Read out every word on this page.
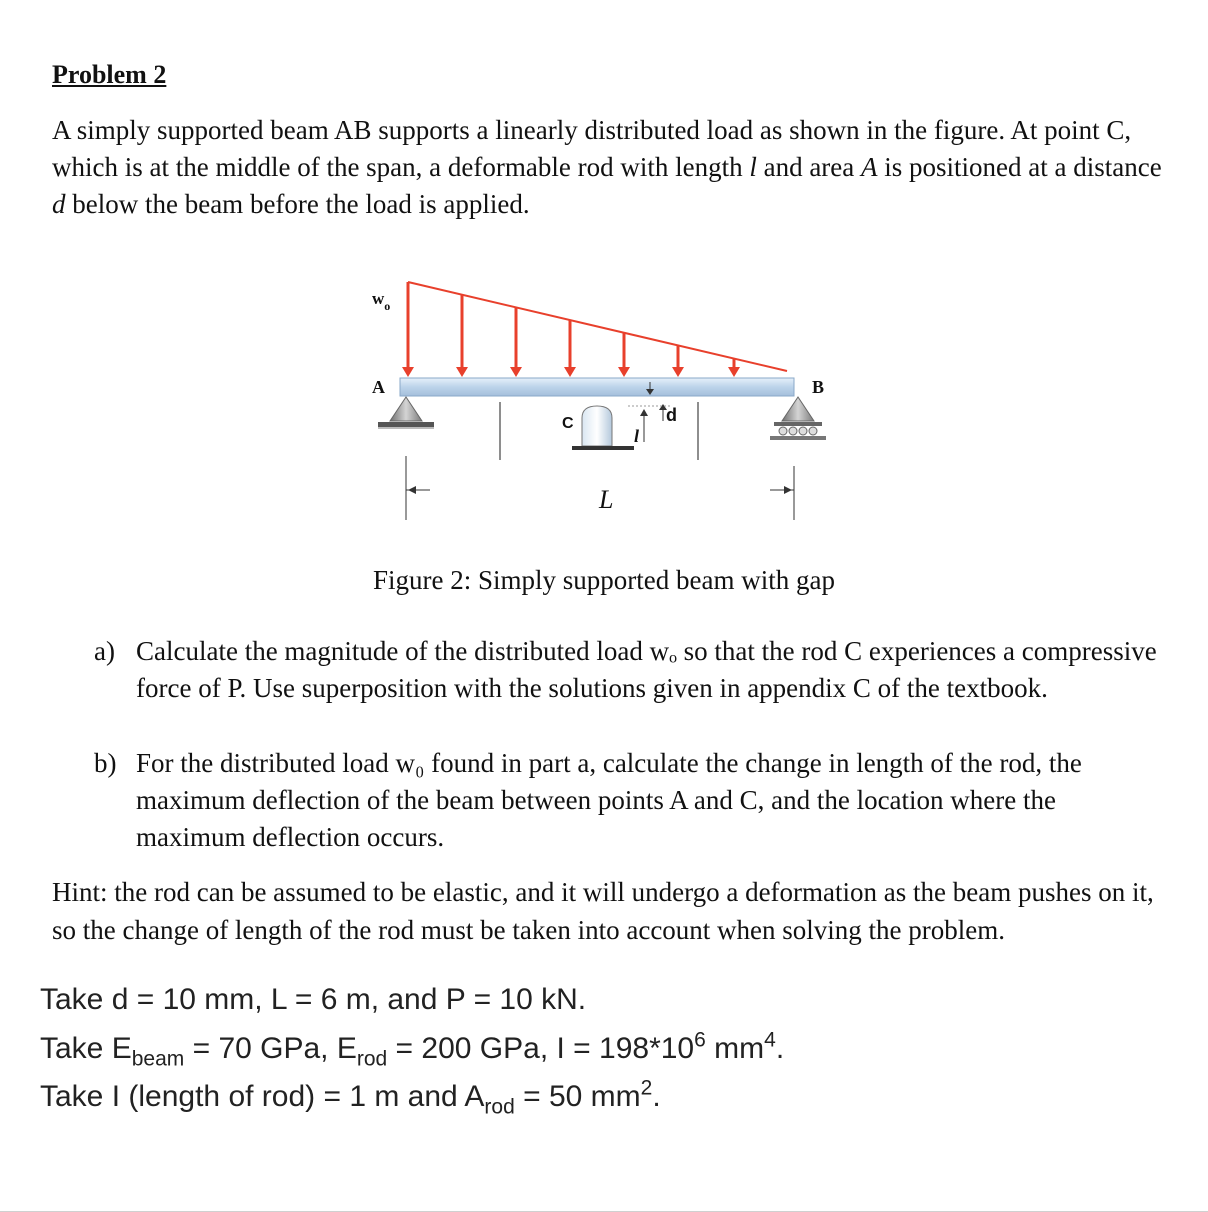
Problem 2
A simply supported beam AB supports a linearly distributed load as shown in the figure. At point C, which is at the middle of the span, a deformable rod with length l and area A is positioned at a distance d below the beam before the load is applied.
$w_o$
A	B
C	d
l
L
Figure 2: Simply supported beam with gap
a) Calculate the magnitude of the distributed load wₒ so that the rod C experiences a compressive force of P. Use superposition with the solutions given in appendix C of the textbook.
b) For the distributed load w₀ found in part a, calculate the change in length of the rod, the maximum deflection of the beam between points A and C, and the location where the maximum deflection occurs.
Hint: the rod can be assumed to be elastic, and it will undergo a deformation as the beam pushes on it, so the change of length of the rod must be taken into account when solving the problem.
Take d = 10 mm, L = 6 m, and P = 10 kN.
Take $E_{beam} = 70$ GPa, $E_{rod} = 200$ GPa, $I = 198*10^6$ $mm^4$.
Take I (length of rod) = 1 m and $A_{rod} = 50$ $mm^2$.
